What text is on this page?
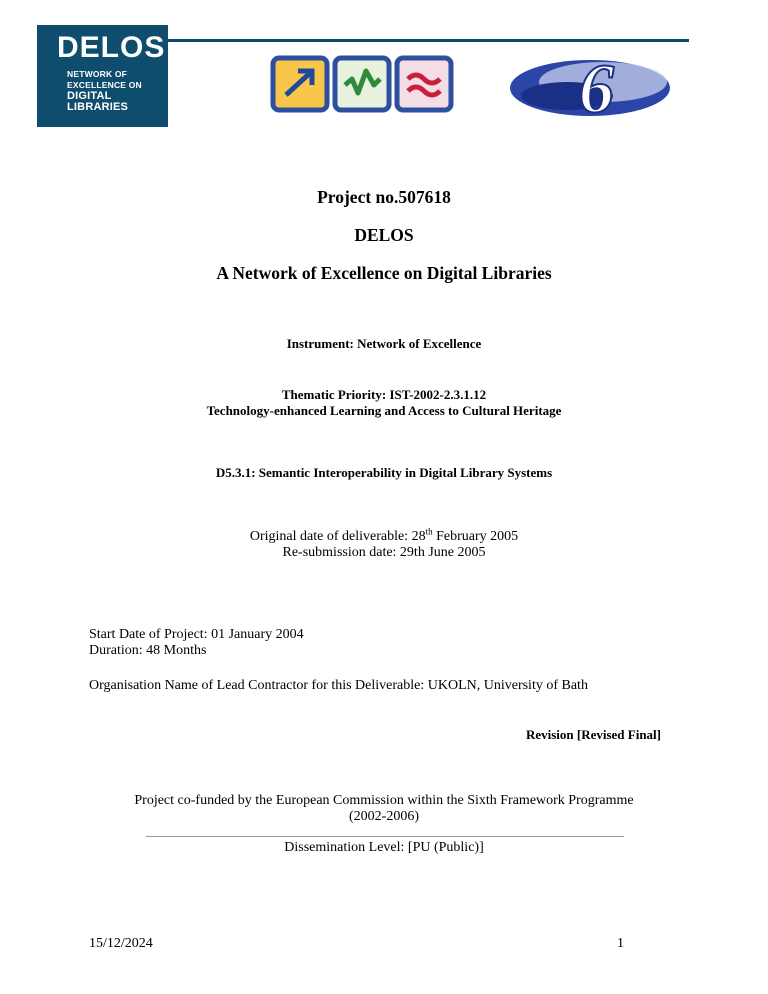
DELOS
NETWORK OF
EXCELLENCE ON
DIGITAL
LIBRARIES	6
Project no.507618
DELOS
A Network of Excellence on Digital Libraries
Instrument: Network of Excellence
Thematic Priority: IST-2002-2.3.1.12
Technology-enhanced Learning and Access to Cultural Heritage
D5.3.1: Semantic Interoperability in Digital Library Systems
Original date of deliverable: 28th February 2005
Re-submission date: 29th June 2005
Start Date of Project: 01 January 2004
Duration: 48 Months
Organisation Name of Lead Contractor for this Deliverable: UKOLN, University of Bath
Revision [Revised Final]
Project co-funded by the European Commission within the Sixth Framework Programme
(2002-2006)
Dissemination Level: [PU (Public)]
15/12/2024	1
